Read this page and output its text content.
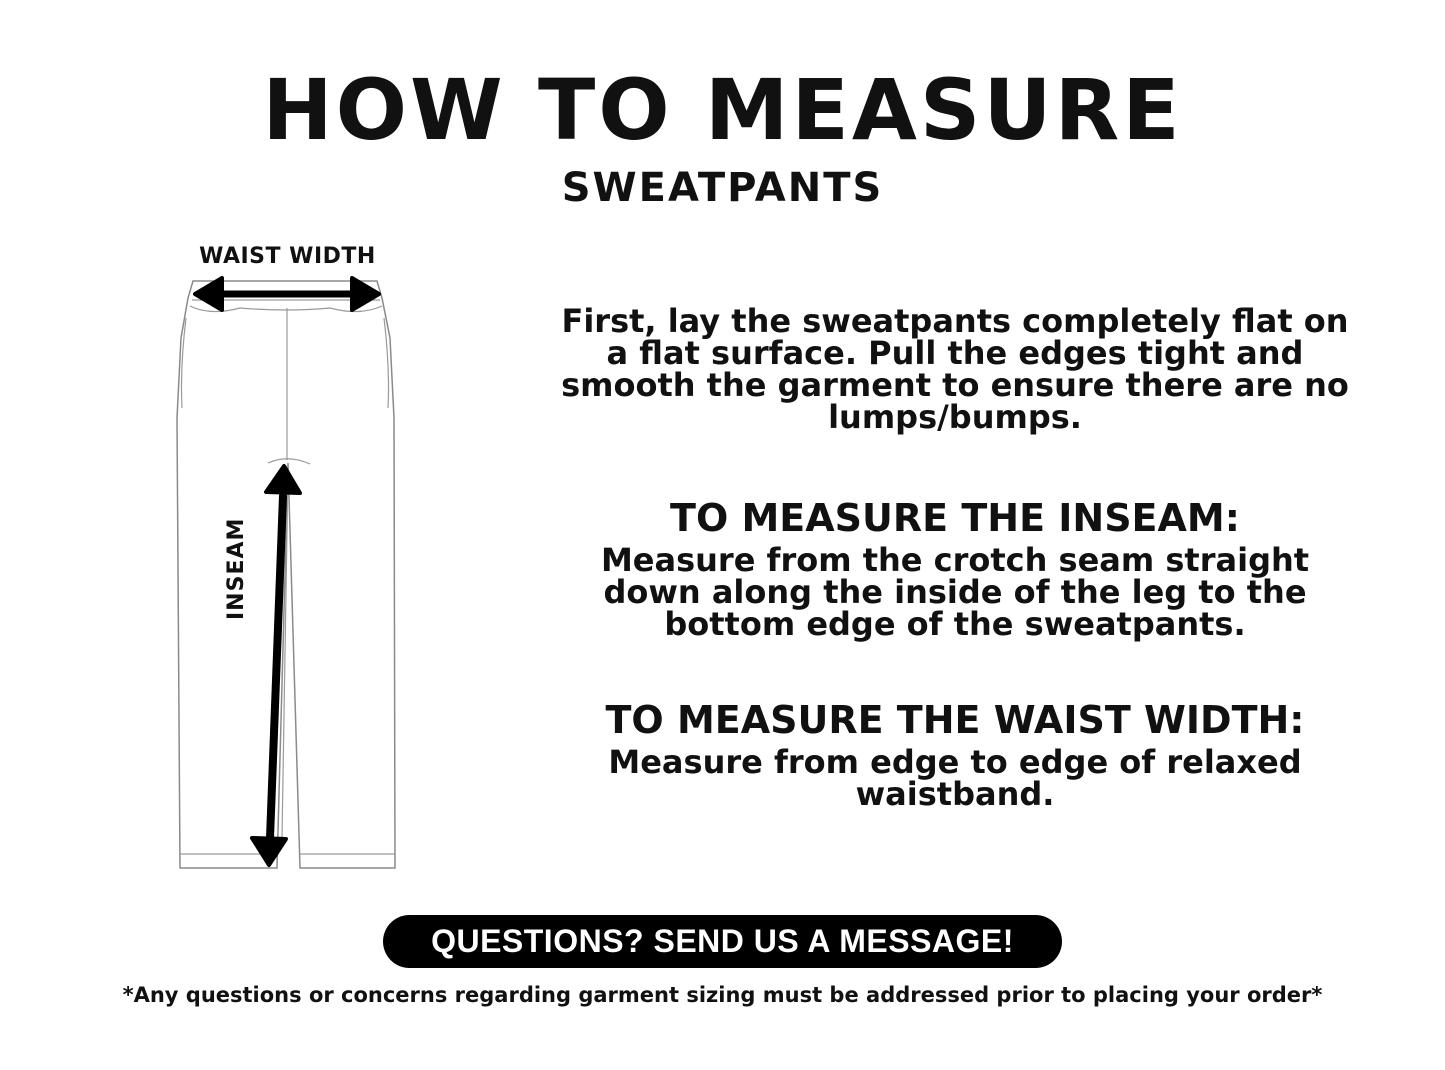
HOW TO MEASURE
SWEATPANTS
WAIST WIDTH
INSEAM

First, lay the sweatpants completely flat on a flat surface. Pull the edges tight and smooth the garment to ensure there are no lumps/bumps.

TO MEASURE THE INSEAM:

Measure from the crotch seam straight down along the inside of the leg to the bottom edge of the sweatpants.

TO MEASURE THE WAIST WIDTH:

Measure from edge to edge of relaxed waistband.

QUESTIONS? SEND US A MESSAGE!
*Any questions or concerns regarding garment sizing must be addressed prior to placing your order*
